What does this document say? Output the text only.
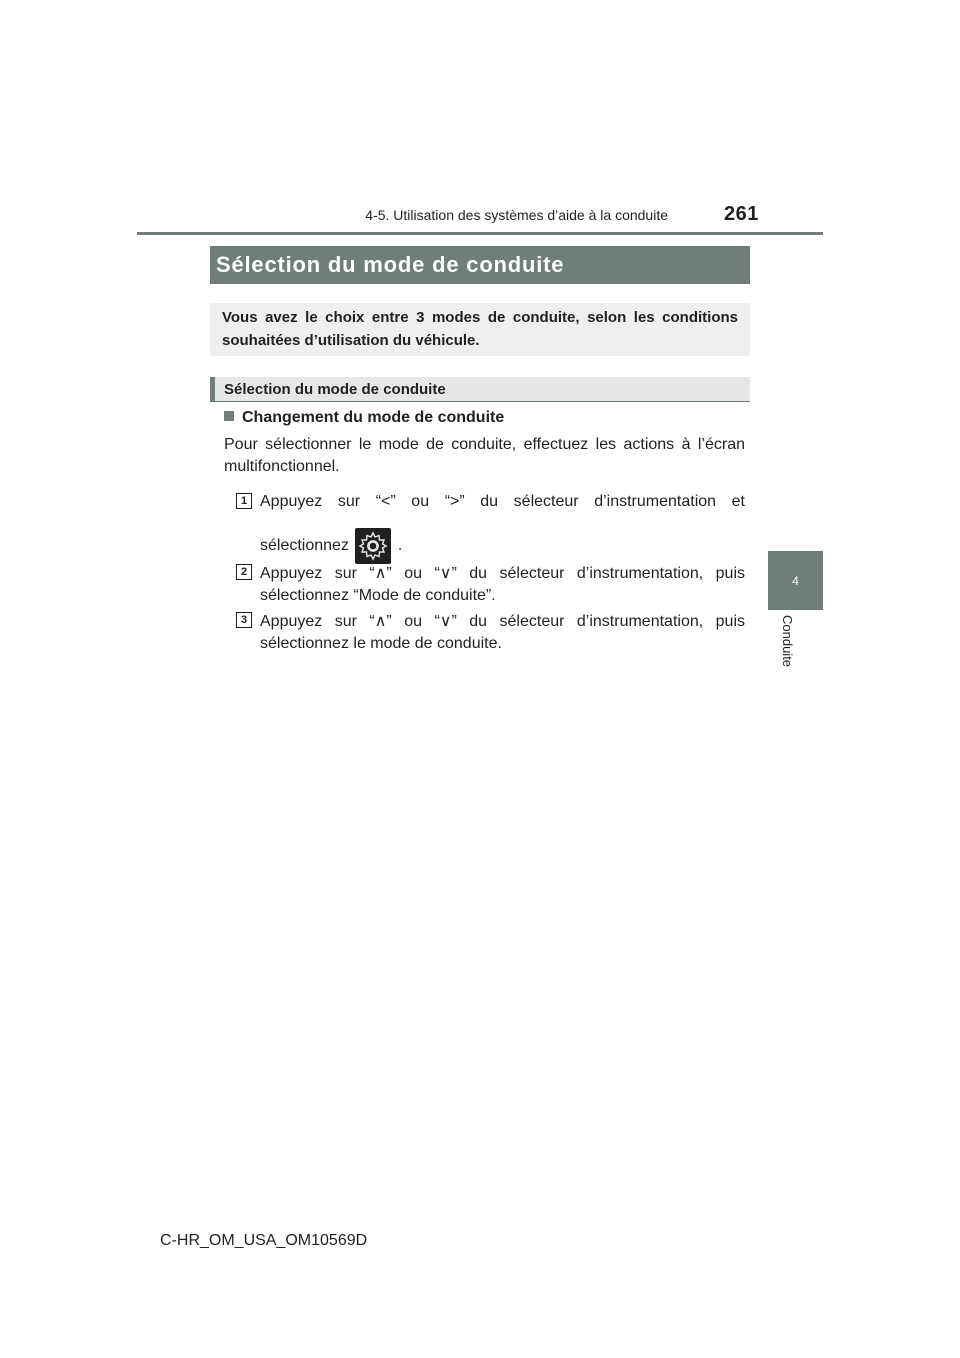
4-5. Utilisation des systèmes d’aide à la conduite	261
4
Conduite
Sélection du mode de conduite
Vous avez le choix entre 3 modes de conduite, selon les conditions souhaitées d’utilisation du véhicule.
Sélection du mode de conduite
Changement du mode de conduite
Pour sélectionner le mode de conduite, effectuez les actions à l’écran multifonctionnel.
1 Appuyez sur “<” ou “>” du sélecteur d’instrumentation et
sélectionnez	.
2 Appuyez sur “∧” ou “∨” du sélecteur d’instrumentation, puis sélectionnez “Mode de conduite”.
3 Appuyez sur “∧” ou “∨” du sélecteur d’instrumentation, puis sélectionnez le mode de conduite.
C-HR_OM_USA_OM10569D
